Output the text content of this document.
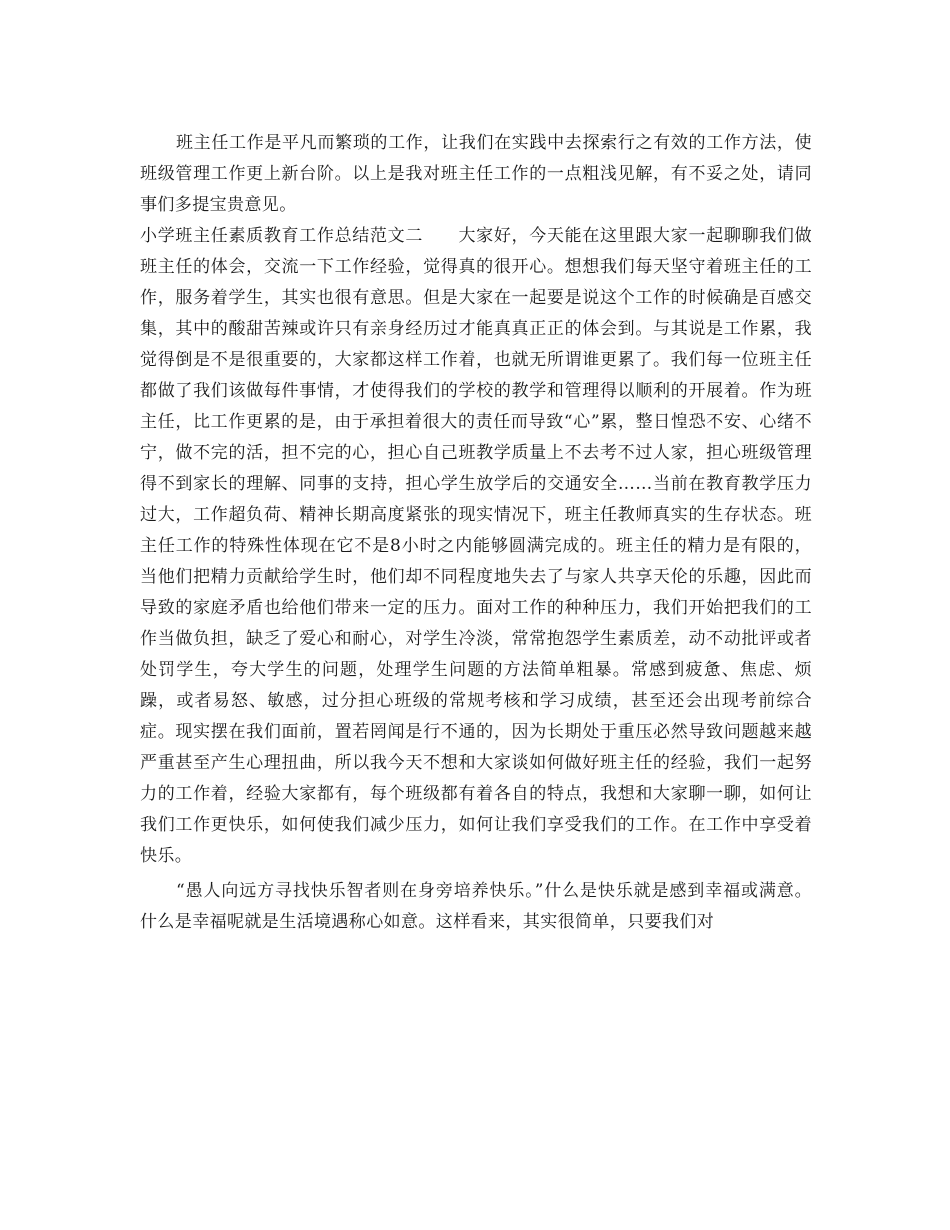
班主任工作是平凡而繁琐的工作，让我们在实践中去探索行之有效的工作方法，使班级管理工作更上新台阶。以上是我对班主任工作的一点粗浅见解，有不妥之处，请同事们多提宝贵意见。

小学班主任素质教育工作总结范文二　　大家好，今天能在这里跟大家一起聊聊我们做班主任的体会，交流一下工作经验，觉得真的很开心。想想我们每天坚守着班主任的工作，服务着学生，其实也很有意思。但是大家在一起要是说这个工作的时候确是百感交集，其中的酸甜苦辣或许只有亲身经历过才能真真正正的体会到。与其说是工作累，我觉得倒是不是很重要的，大家都这样工作着，也就无所谓谁更累了。我们每一位班主任都做了我们该做每件事情，才使得我们的学校的教学和管理得以顺利的开展着。作为班主任，比工作更累的是，由于承担着很大的责任而导致“心”累，整日惶恐不安、心绪不宁，做不完的活，担不完的心，担心自己班教学质量上不去考不过人家，担心班级管理得不到家长的理解、同事的支持，担心学生放学后的交通安全……当前在教育教学压力过大，工作超负荷、精神长期高度紧张的现实情况下，班主任教师真实的生存状态。班主任工作的特殊性体现在它不是8小时之内能够圆满完成的。班主任的精力是有限的，当他们把精力贡献给学生时，他们却不同程度地失去了与家人共享天伦的乐趣，因此而导致的家庭矛盾也给他们带来一定的压力。面对工作的种种压力，我们开始把我们的工作当做负担，缺乏了爱心和耐心，对学生冷淡，常常抱怨学生素质差，动不动批评或者处罚学生，夸大学生的问题，处理学生问题的方法简单粗暴。常感到疲惫、焦虑、烦躁，或者易怒、敏感，过分担心班级的常规考核和学习成绩，甚至还会出现考前综合症。现实摆在我们面前，置若罔闻是行不通的，因为长期处于重压必然导致问题越来越严重甚至产生心理扭曲，所以我今天不想和大家谈如何做好班主任的经验，我们一起努力的工作着，经验大家都有，每个班级都有着各自的特点，我想和大家聊一聊，如何让我们工作更快乐，如何使我们减少压力，如何让我们享受我们的工作。在工作中享受着快乐。

“愚人向远方寻找快乐智者则在身旁培养快乐。”什么是快乐就是感到幸福或满意。什么是幸福呢就是生活境遇称心如意。这样看来，其实很简单，只要我们对
